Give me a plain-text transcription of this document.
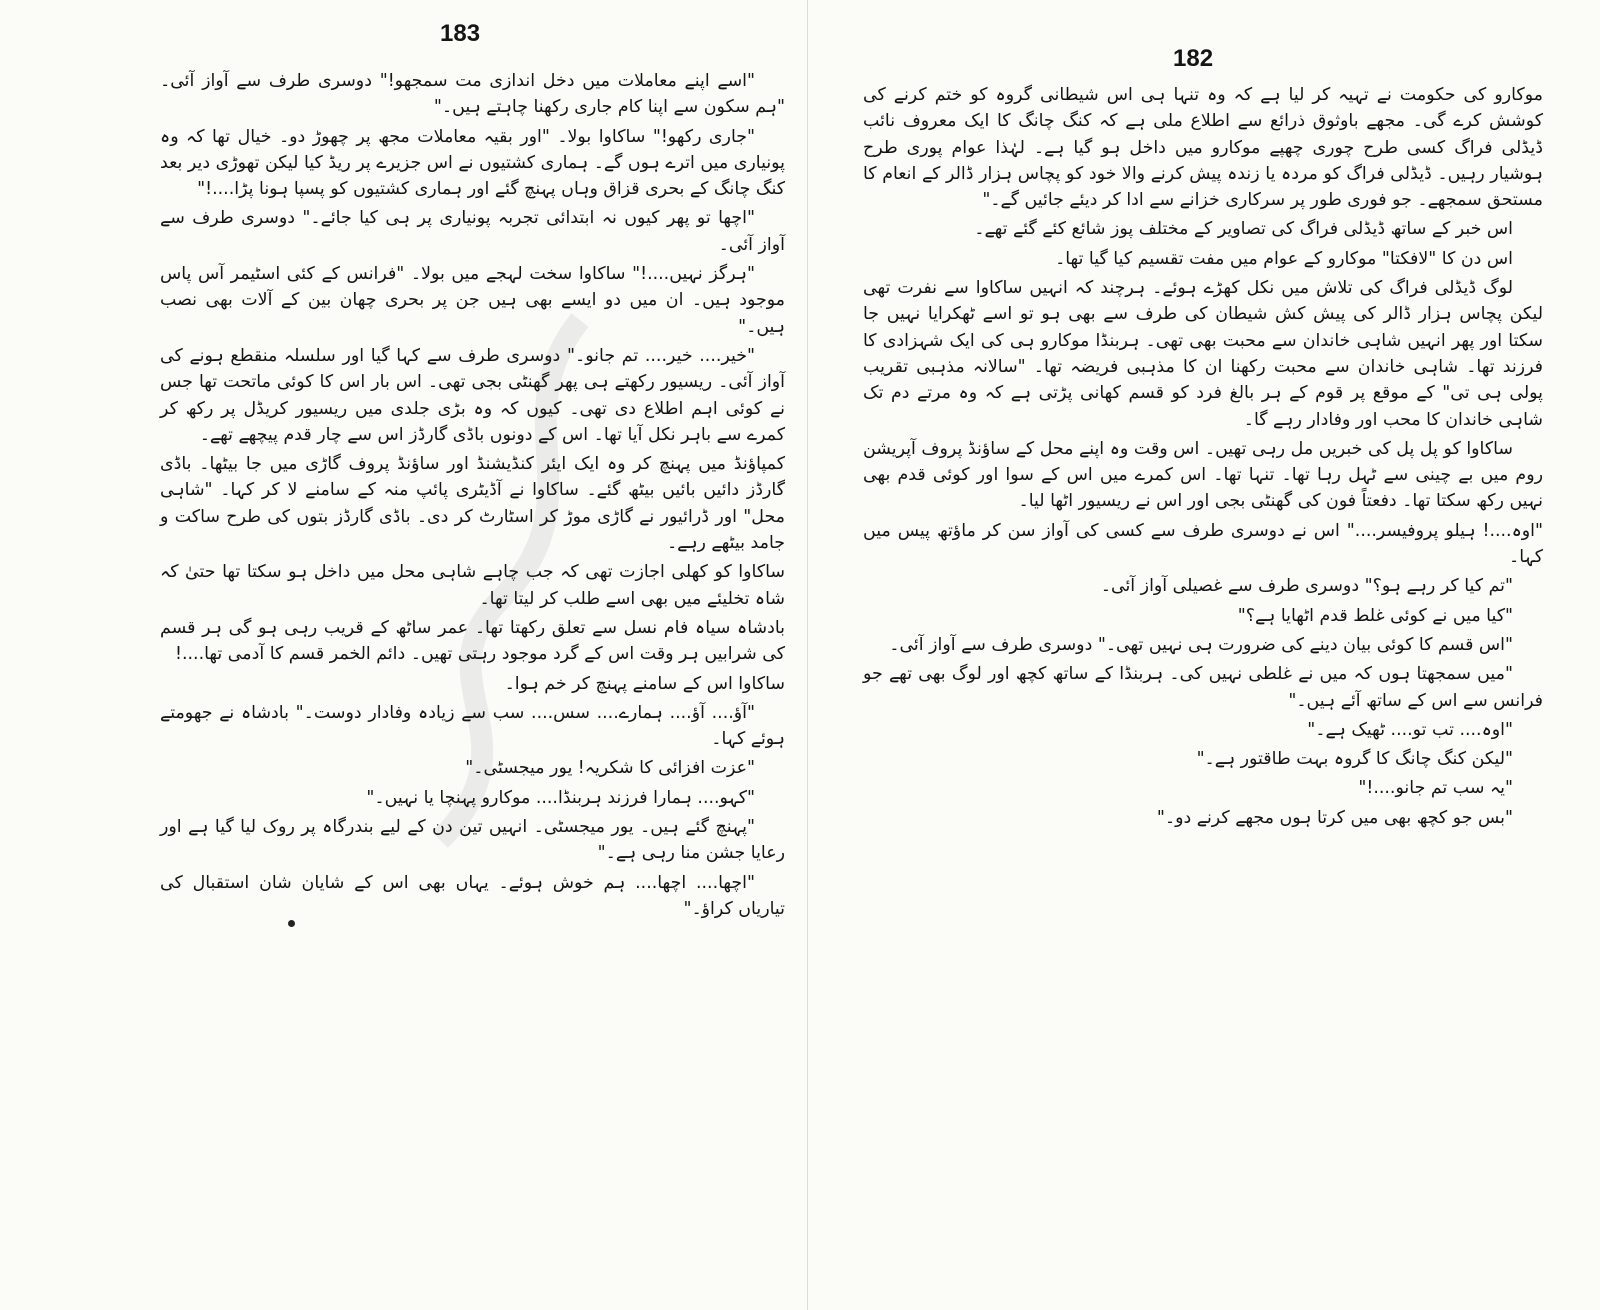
183

"اسے اپنے معاملات میں دخل اندازی مت سمجھو!" دوسری طرف سے آواز آئی۔ "ہم سکون سے اپنا کام جاری رکھنا چاہتے ہیں۔"

"جاری رکھو!" ساکاوا بولا۔ "اور بقیہ معاملات مجھ پر چھوڑ دو۔ خیال تھا کہ وہ پونیاری میں اترے ہوں گے۔ ہماری کشتیوں نے اس جزیرے پر ریڈ کیا لیکن تھوڑی دیر بعد کنگ چانگ کے بحری قزاق وہاں پہنچ گئے اور ہماری کشتیوں کو پسپا ہونا پڑا....!"

"اچھا تو پھر کیوں نہ ابتدائی تجربہ پونیاری پر ہی کیا جائے۔" دوسری طرف سے آواز آئی۔

"ہرگز نہیں....!" ساکاوا سخت لہجے میں بولا۔ "فرانس کے کئی اسٹیمر آس پاس موجود ہیں۔ ان میں دو ایسے بھی ہیں جن پر بحری چھان بین کے آلات بھی نصب ہیں۔"

"خیر.... خیر.... تم جانو۔" دوسری طرف سے کہا گیا اور سلسلہ منقطع ہونے کی آواز آئی۔ ریسیور رکھتے ہی پھر گھنٹی بجی تھی۔ اس بار اس کا کوئی ماتحت تھا جس نے کوئی اہم اطلاع دی تھی۔ کیوں کہ وہ بڑی جلدی میں ریسیور کریڈل پر رکھ کر کمرے سے باہر نکل آیا تھا۔ اس کے دونوں باڈی گارڈز اس سے چار قدم پیچھے تھے۔

کمپاؤنڈ میں پہنچ کر وہ ایک ایئر کنڈیشنڈ اور ساؤنڈ پروف گاڑی میں جا بیٹھا۔ باڈی گارڈز دائیں بائیں بیٹھ گئے۔ ساکاوا نے آڈیٹری پائپ منہ کے سامنے لا کر کہا۔ "شاہی محل" اور ڈرائیور نے گاڑی موڑ کر اسٹارٹ کر دی۔ باڈی گارڈز بتوں کی طرح ساکت و جامد بیٹھے رہے۔

ساکاوا کو کھلی اجازت تھی کہ جب چاہے شاہی محل میں داخل ہو سکتا تھا حتیٰ کہ شاہ تخلیئے میں بھی اسے طلب کر لیتا تھا۔

بادشاہ سیاہ فام نسل سے تعلق رکھتا تھا۔ عمر ساٹھ کے قریب رہی ہو گی ہر قسم کی شرابیں ہر وقت اس کے گرد موجود رہتی تھیں۔ دائم الخمر قسم کا آدمی تھا....!

ساکاوا اس کے سامنے پہنچ کر خم ہوا۔

"آؤ.... آؤ.... ہمارے.... سس.... سب سے زیادہ وفادار دوست۔" بادشاہ نے جھومتے ہوئے کہا۔

"عزت افزائی کا شکریہ! یور میجسٹی۔"

"کہو.... ہمارا فرزند ہربنڈا.... موکارو پہنچا یا نہیں۔"

"پہنچ گئے ہیں۔ یور میجسٹی۔ انہیں تین دن کے لیے بندرگاہ پر روک لیا گیا ہے اور رعایا جشن منا رہی ہے۔"

"اچھا.... اچھا.... ہم خوش ہوئے۔ یہاں بھی اس کے شایان شان استقبال کی تیاریاں کراؤ۔"

182

موکارو کی حکومت نے تہیہ کر لیا ہے کہ وہ تنہا ہی اس شیطانی گروہ کو ختم کرنے کی کوشش کرے گی۔ مجھے باوثوق ذرائع سے اطلاع ملی ہے کہ کنگ چانگ کا ایک معروف نائب ڈیڈلی فراگ کسی طرح چوری چھپے موکارو میں داخل ہو گیا ہے۔ لہٰذا عوام پوری طرح ہوشیار رہیں۔ ڈیڈلی فراگ کو مردہ یا زندہ پیش کرنے والا خود کو پچاس ہزار ڈالر کے انعام کا مستحق سمجھے۔ جو فوری طور پر سرکاری خزانے سے ادا کر دیئے جائیں گے۔"

اس خبر کے ساتھ ڈیڈلی فراگ کی تصاویر کے مختلف پوز شائع کئے گئے تھے۔

اس دن کا "لافکتا" موکارو کے عوام میں مفت تقسیم کیا گیا تھا۔

لوگ ڈیڈلی فراگ کی تلاش میں نکل کھڑے ہوئے۔ ہرچند کہ انہیں ساکاوا سے نفرت تھی لیکن پچاس ہزار ڈالر کی پیش کش شیطان کی طرف سے بھی ہو تو اسے ٹھکرایا نہیں جا سکتا اور پھر انہیں شاہی خاندان سے محبت بھی تھی۔ ہربنڈا موکارو ہی کی ایک شہزادی کا فرزند تھا۔ شاہی خاندان سے محبت رکھنا ان کا مذہبی فریضہ تھا۔ "سالانہ مذہبی تقریب پولی ہی تی" کے موقع پر قوم کے ہر بالغ فرد کو قسم کھانی پڑتی ہے کہ وہ مرتے دم تک شاہی خاندان کا محب اور وفادار رہے گا۔

ساکاوا کو پل پل کی خبریں مل رہی تھیں۔ اس وقت وہ اپنے محل کے ساؤنڈ پروف آپریشن روم میں بے چینی سے ٹہل رہا تھا۔ تنہا تھا۔ اس کمرے میں اس کے سوا اور کوئی قدم بھی نہیں رکھ سکتا تھا۔ دفعتاً فون کی گھنٹی بجی اور اس نے ریسیور اٹھا لیا۔

"اوہ....! ہیلو پروفیسر...." اس نے دوسری طرف سے کسی کی آواز سن کر ماؤتھ پیس میں کہا۔

"تم کیا کر رہے ہو؟" دوسری طرف سے غصیلی آواز آئی۔

"کیا میں نے کوئی غلط قدم اٹھایا ہے؟"

"اس قسم کا کوئی بیان دینے کی ضرورت ہی نہیں تھی۔" دوسری طرف سے آواز آئی۔

"میں سمجھتا ہوں کہ میں نے غلطی نہیں کی۔ ہربنڈا کے ساتھ کچھ اور لوگ بھی تھے جو فرانس سے اس کے ساتھ آئے ہیں۔"

"اوہ.... تب تو.... ٹھیک ہے۔"

"لیکن کنگ چانگ کا گروہ بہت طاقتور ہے۔"

"یہ سب تم جانو....!"

"بس جو کچھ بھی میں کرتا ہوں مجھے کرنے دو۔"
